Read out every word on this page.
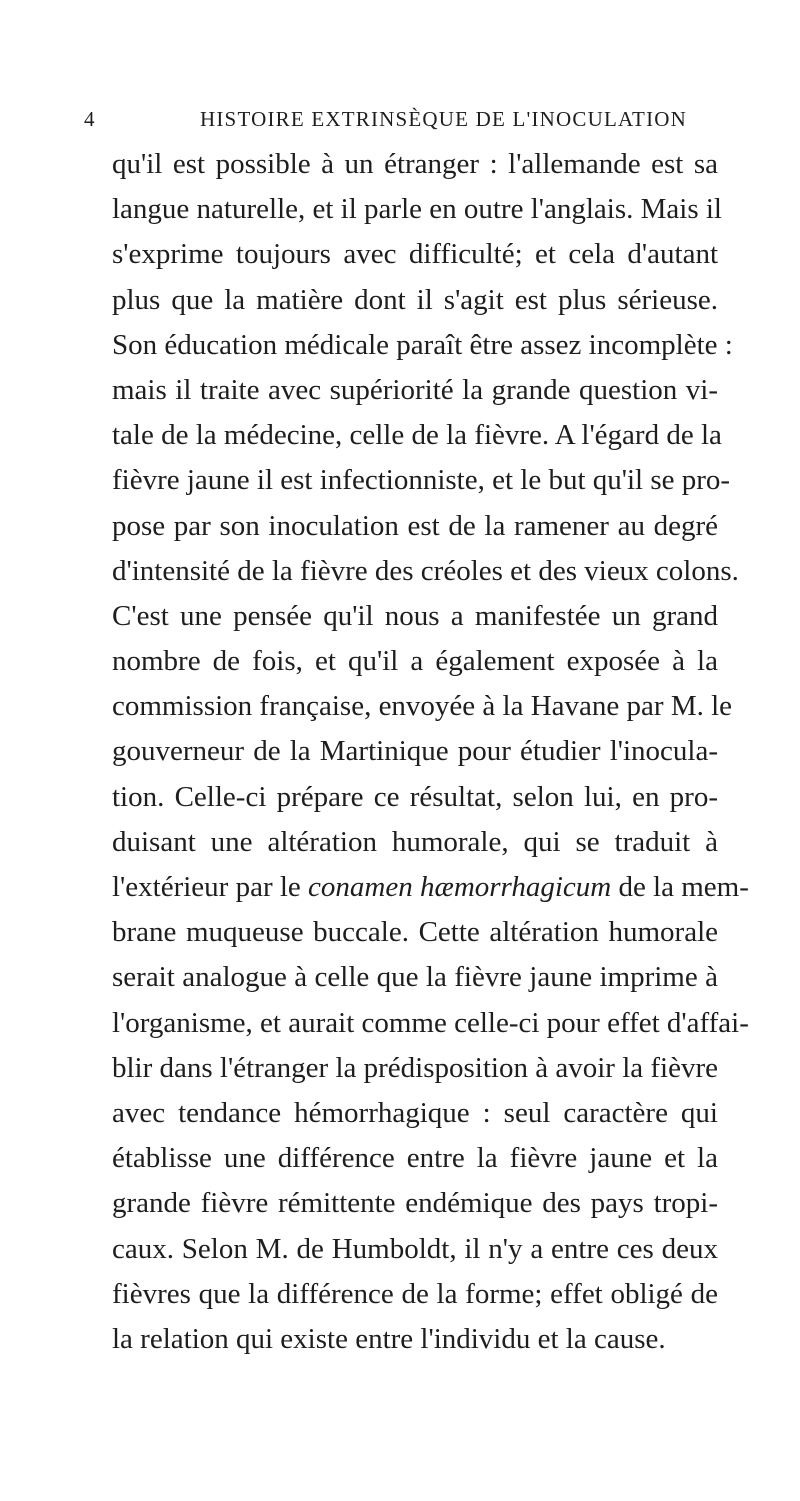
4	HISTOIRE EXTRINSÈQUE DE L'INOCULATION
qu'il est possible à un étranger : l'allemande est sa
langue naturelle, et il parle en outre l'anglais. Mais il
s'exprime toujours avec difficulté; et cela d'autant
plus que la matière dont il s'agit est plus sérieuse.
Son éducation médicale paraît être assez incomplète :
mais il traite avec supériorité la grande question vi-
tale de la médecine, celle de la fièvre. A l'égard de la
fièvre jaune il est infectionniste, et le but qu'il se pro-
pose par son inoculation est de la ramener au degré
d'intensité de la fièvre des créoles et des vieux colons.
C'est une pensée qu'il nous a manifestée un grand
nombre de fois, et qu'il a également exposée à la
commission française, envoyée à la Havane par M. le
gouverneur de la Martinique pour étudier l'inocula-
tion. Celle-ci prépare ce résultat, selon lui, en pro-
duisant une altération humorale, qui se traduit à
l'extérieur par le conamen hæmorrhagicum de la mem-
brane muqueuse buccale. Cette altération humorale
serait analogue à celle que la fièvre jaune imprime à
l'organisme, et aurait comme celle-ci pour effet d'affai-
blir dans l'étranger la prédisposition à avoir la fièvre
avec tendance hémorrhagique : seul caractère qui
établisse une différence entre la fièvre jaune et la
grande fièvre rémittente endémique des pays tropi-
caux. Selon M. de Humboldt, il n'y a entre ces deux
fièvres que la différence de la forme; effet obligé de
la relation qui existe entre l'individu et la cause.
